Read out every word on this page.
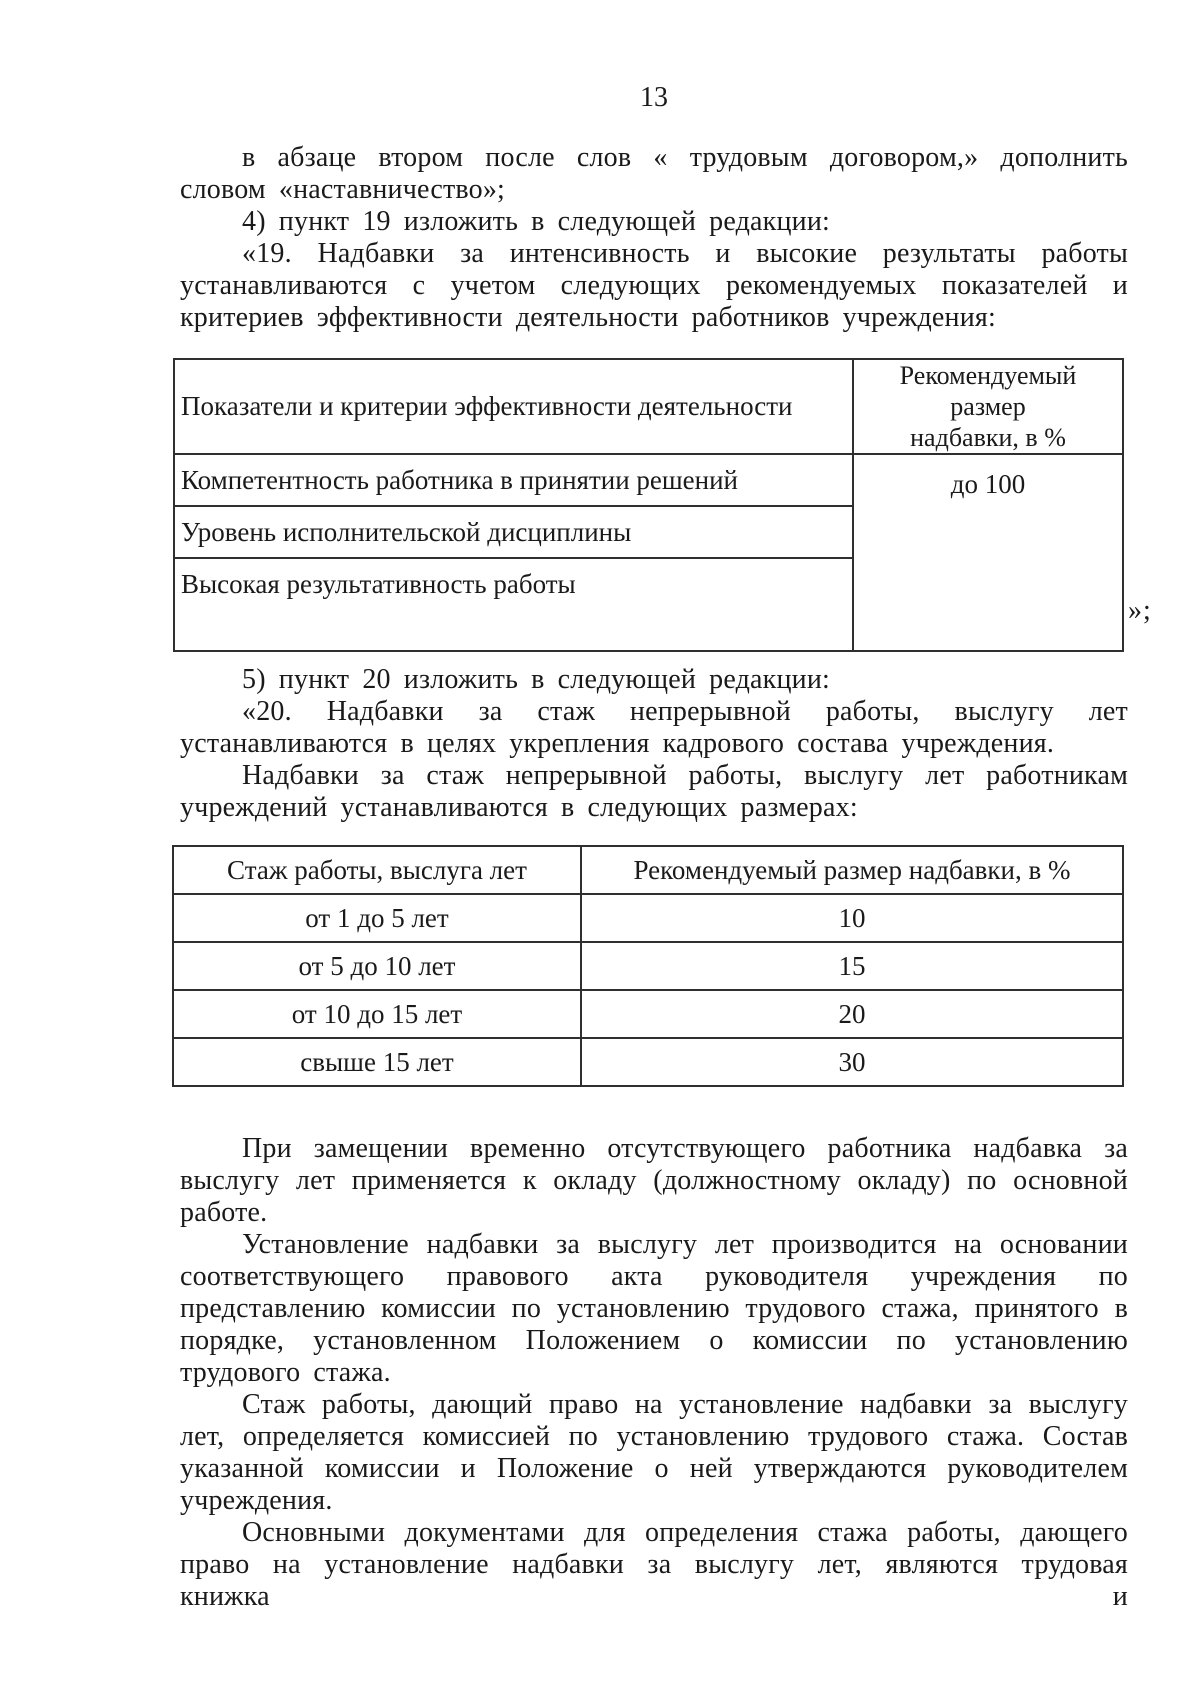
13

в абзаце втором после слов « трудовым договором,» дополнить словом «наставничество»;

4) пункт 19 изложить в следующей редакции:

«19. Надбавки за интенсивность и высокие результаты работы устанавливаются с учетом следующих рекомендуемых показателей и критериев эффективности деятельности работников учреждения:

Показатели и критерии эффективности деятельности	Рекомендуемый размер
надбавки, в %

Компетентность работника в принятии решений	до 100
Уровень исполнительской дисциплины	
Высокая результативность работы	

5) пункт 20 изложить в следующей редакции:

«20. Надбавки за стаж непрерывной работы, выслугу лет устанавливаются в целях укрепления кадрового состава учреждения.

Надбавки за стаж непрерывной работы, выслугу лет работникам учреждений устанавливаются в следующих размерах:

Стаж работы, выслуга лет	Рекомендуемый размер надбавки, в %
от 1 до 5 лет	10
от 5 до 10 лет	15
от 10 до 15 лет	20
свыше 15 лет	30

При замещении временно отсутствующего работника надбавка за выслугу лет применяется к окладу (должностному окладу) по основной работе.

Установление надбавки за выслугу лет производится на основании соответствующего правового акта руководителя учреждения по представлению комиссии по установлению трудового стажа, принятого в порядке, установленном Положением о комиссии по установлению трудового стажа.

Стаж работы, дающий право на установление надбавки за выслугу лет, определяется комиссией по установлению трудового стажа. Состав указанной комиссии и Положение о ней утверждаются руководителем учреждения.

Основными документами для определения стажа работы, дающего право на установление надбавки за выслугу лет, являются трудовая книжка и

»;
